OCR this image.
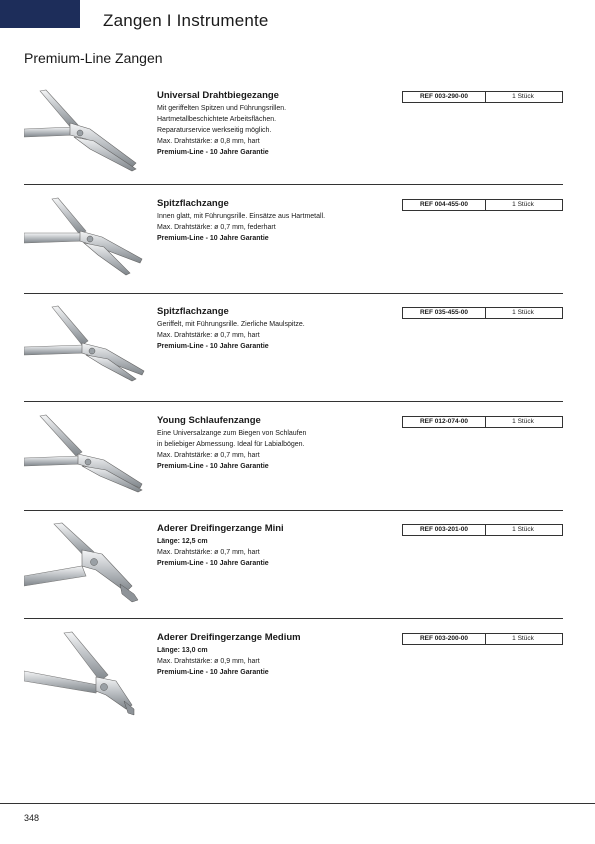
Zangen I Instrumente
Premium-Line Zangen
Universal Drahtbiegezange
Mit geriffelten Spitzen und Führungsrillen.
Hartmetallbeschichtete Arbeitsflächen.
Reparaturservice werkseitig möglich.
Max. Drahtstärke: ø 0,8 mm, hart
Premium-Line - 10 Jahre Garantie
REF 003-290-00	1 Stück
Spitzflachzange
Innen glatt, mit Führungsrille. Einsätze aus Hartmetall.
Max. Drahtstärke: ø 0,7 mm, federhart
Premium-Line - 10 Jahre Garantie
REF 004-455-00	1 Stück
Spitzflachzange
Geriffelt, mit Führungsrille. Zierliche Maulspitze.
Max. Drahtstärke: ø 0,7 mm, hart
Premium-Line - 10 Jahre Garantie
REF 035-455-00	1 Stück
Young Schlaufenzange
Eine Universalzange zum Biegen von Schlaufen
in beliebiger Abmessung. Ideal für Labialbögen.
Max. Drahtstärke: ø 0,7 mm, hart
Premium-Line - 10 Jahre Garantie
REF 012-074-00	1 Stück
Aderer Dreifingerzange Mini
Länge: 12,5 cm
Max. Drahtstärke: ø 0,7 mm, hart
Premium-Line - 10 Jahre Garantie
REF 003-201-00	1 Stück
Aderer Dreifingerzange Medium
Länge: 13,0 cm
Max. Drahtstärke: ø 0,9 mm, hart
Premium-Line - 10 Jahre Garantie
REF 003-200-00	1 Stück
348
